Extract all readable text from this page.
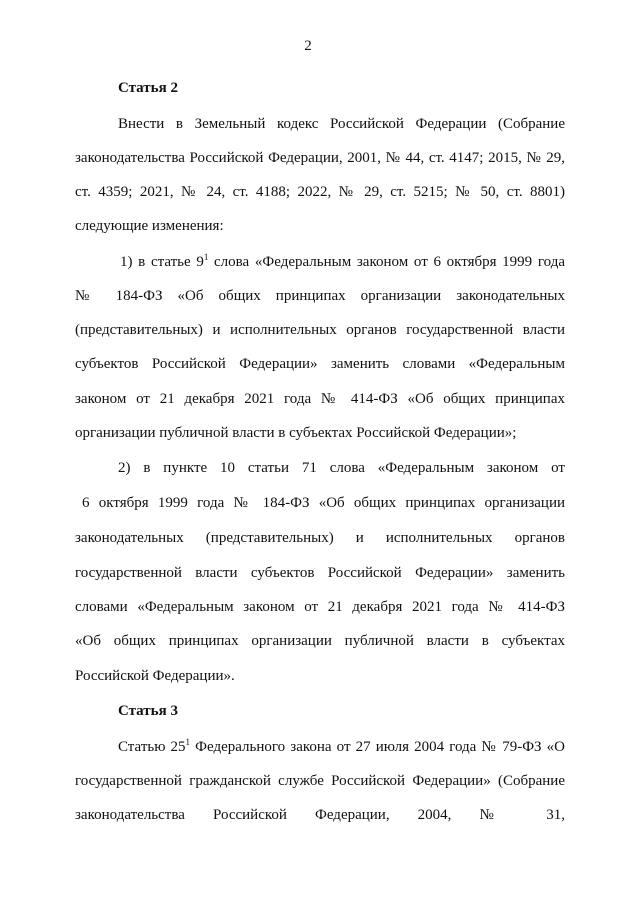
2
Статья 2
Внести в Земельный кодекс Российской Федерации (Собрание
законодательства Российской Федерации, 2001, № 44, ст. 4147; 2015, № 29,
ст. 4359; 2021, № 24, ст. 4188; 2022, № 29, ст. 5215; № 50, ст. 8801)
следующие изменения:
1) в статье $9^1$ слова «Федеральным законом от 6 октября 1999 года
№ 184-ФЗ «Об общих принципах организации законодательных
(представительных) и исполнительных органов государственной власти
субъектов Российской Федерации» заменить словами «Федеральным
законом от 21 декабря 2021 года № 414-ФЗ «Об общих принципах
организации публичной власти в субъектах Российской Федерации»;
2) в пункте 10 статьи 71 слова «Федеральным законом от
6 октября 1999 года № 184-ФЗ «Об общих принципах организации
законодательных (представительных) и исполнительных органов
государственной власти субъектов Российской Федерации» заменить
словами «Федеральным законом от 21 декабря 2021 года № 414-ФЗ
«Об общих принципах организации публичной власти в субъектах
Российской Федерации».
Статья 3
Статью $25^1$ Федерального закона от 27 июля 2004 года № 79-ФЗ «О
государственной гражданской службе Российской Федерации» (Собрание
законодательства Российской Федерации, 2004, № 31,
